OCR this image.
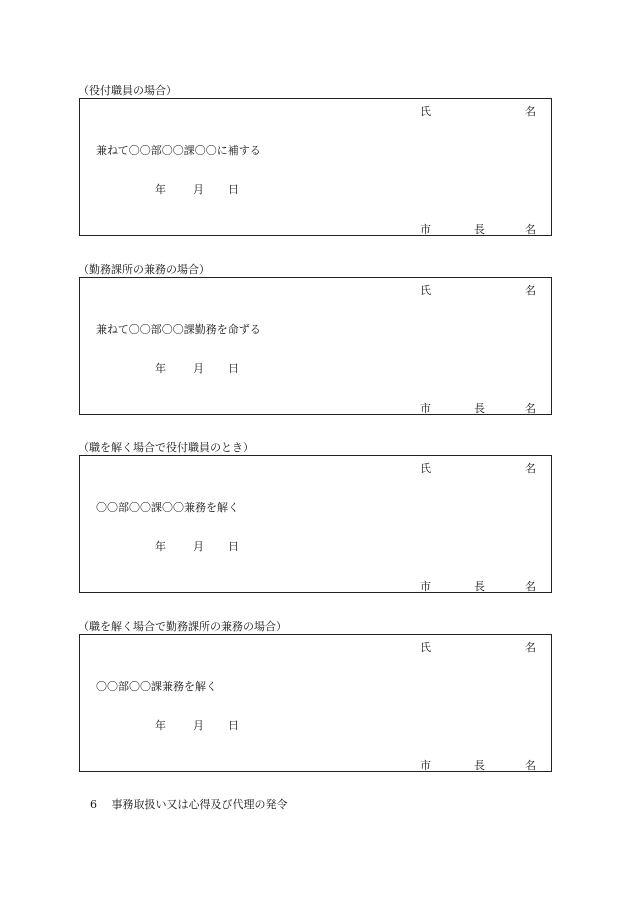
（役付職員の場合）
氏	名
兼ねて〇〇部〇〇課〇〇に補する
年 月 日
市	長	名
（勤務課所の兼務の場合）
氏	名
兼ねて〇〇部〇〇課勤務を命ずる
年 月 日
市	長	名
（職を解く場合で役付職員のとき）
氏	名
〇〇部〇〇課〇〇兼務を解く
年 月 日
市	長	名
（職を解く場合で勤務課所の兼務の場合）
氏	名
〇〇部〇〇課兼務を解く
年 月 日
市	長	名
6 事務取扱い又は心得及び代理の発令
